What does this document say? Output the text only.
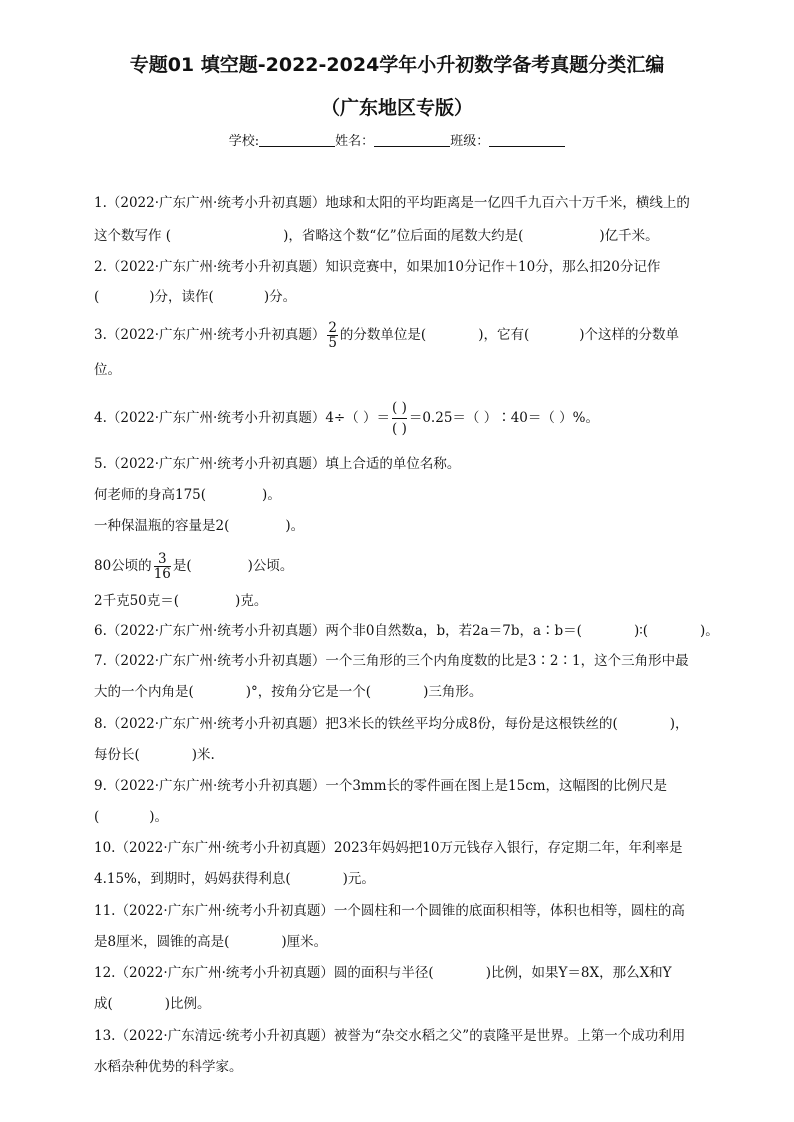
专题01 填空题-2022-2024学年小升初数学备考真题分类汇编
（广东地区专版）
学校:	姓名：	班级：
1.（2022·广东广州·统考小升初真题）地球和太阳的平均距离是一亿四千九百六十万千米，横线上的
这个数写作 (	)，省略这个数“亿”位后面的尾数大约是(	)亿千米。
2.（2022·广东广州·统考小升初真题）知识竞赛中，如果加10分记作＋10分，那么扣20分记作
(	)分，读作(	)分。
3.（2022·广东广州·统考小升初真题） $\frac{2}{5}$ 的分数单位是(	)，它有(	)个这样的分数单
位。
4.（2022·广东广州·统考小升初真题）4÷（ ）＝ $\frac{( )}{( )} =0.25=$（ ）∶40＝（ ）%。
5.（2022·广东广州·统考小升初真题）填上合适的单位名称。
何老师的身高175(	)。
一种保温瓶的容量是2(	)。
80公顷的 $\frac{3}{16}$ 是(	)公顷。
2千克50克＝(	)克。
6.（2022·广东广州·统考小升初真题）两个非0自然数a，b，若2a＝7b，a∶b＝(	)∶(	)。
7.（2022·广东广州·统考小升初真题）一个三角形的三个内角度数的比是3∶2∶1，这个三角形中最
大的一个内角是(	)°，按角分它是一个(	)三角形。
8.（2022·广东广州·统考小升初真题）把3米长的铁丝平均分成8份，每份是这根铁丝的(	)，
每份长(	)米.
9.（2022·广东广州·统考小升初真题）一个3mm长的零件画在图上是15cm，这幅图的比例尺是
(	)。
10.（2022·广东广州·统考小升初真题）2023年妈妈把10万元钱存入银行，存定期二年，年利率是
4.15%，到期时，妈妈获得利息(	)元。
11.（2022·广东广州·统考小升初真题）一个圆柱和一个圆锥的底面积相等，体积也相等，圆柱的高
是8厘米，圆锥的高是(	)厘米。
12.（2022·广东广州·统考小升初真题）圆的面积与半径(	)比例，如果Y＝8X，那么X和Y
成(	)比例。
13.（2022·广东清远·统考小升初真题）被誉为“杂交水稻之父”的袁隆平是世界。上第一个成功利用
水稻杂种优势的科学家。
